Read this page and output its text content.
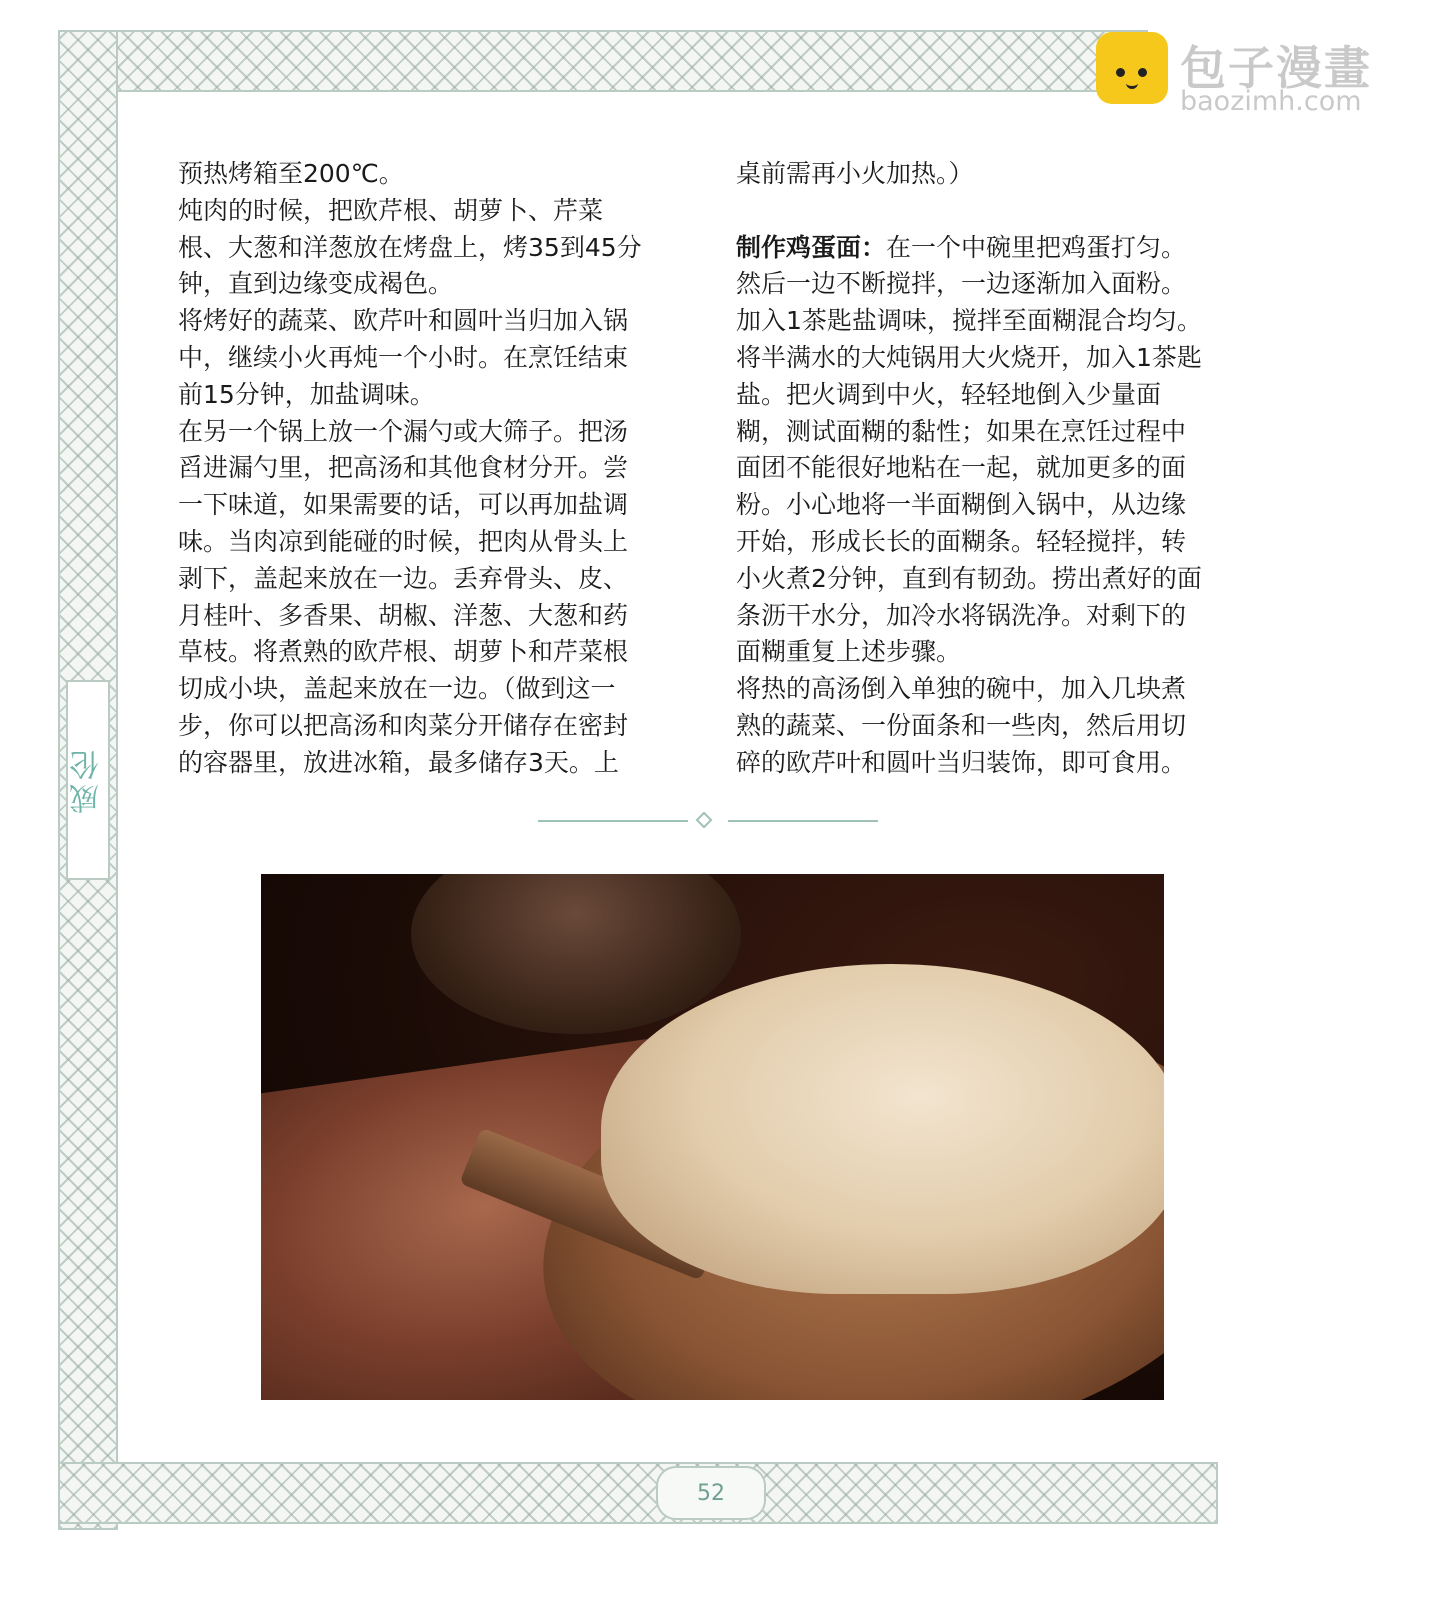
威伦
包子漫畫
baozimh.com
预热烤箱至200℃。
炖肉的时候，把欧芹根、胡萝卜、芹菜
根、大葱和洋葱放在烤盘上，烤35到45分
钟，直到边缘变成褐色。
将烤好的蔬菜、欧芹叶和圆叶当归加入锅
中，继续小火再炖一个小时。在烹饪结束
前15分钟，加盐调味。
在另一个锅上放一个漏勺或大筛子。把汤
舀进漏勺里，把高汤和其他食材分开。尝
一下味道，如果需要的话，可以再加盐调
味。当肉凉到能碰的时候，把肉从骨头上
剥下，盖起来放在一边。丢弃骨头、皮、
月桂叶、多香果、胡椒、洋葱、大葱和药
草枝。将煮熟的欧芹根、胡萝卜和芹菜根
切成小块，盖起来放在一边。（做到这一
步，你可以把高汤和肉菜分开储存在密封
的容器里，放进冰箱，最多储存3天。上
桌前需再小火加热。）
制作鸡蛋面：在一个中碗里把鸡蛋打匀。
然后一边不断搅拌，一边逐渐加入面粉。
加入1茶匙盐调味，搅拌至面糊混合均匀。
将半满水的大炖锅用大火烧开，加入1茶匙
盐。把火调到中火，轻轻地倒入少量面
糊，测试面糊的黏性；如果在烹饪过程中
面团不能很好地粘在一起，就加更多的面
粉。小心地将一半面糊倒入锅中，从边缘
开始，形成长长的面糊条。轻轻搅拌，转
小火煮2分钟，直到有韧劲。捞出煮好的面
条沥干水分，加冷水将锅洗净。对剩下的
面糊重复上述步骤。
将热的高汤倒入单独的碗中，加入几块煮
熟的蔬菜、一份面条和一些肉，然后用切
碎的欧芹叶和圆叶当归装饰，即可食用。
52
